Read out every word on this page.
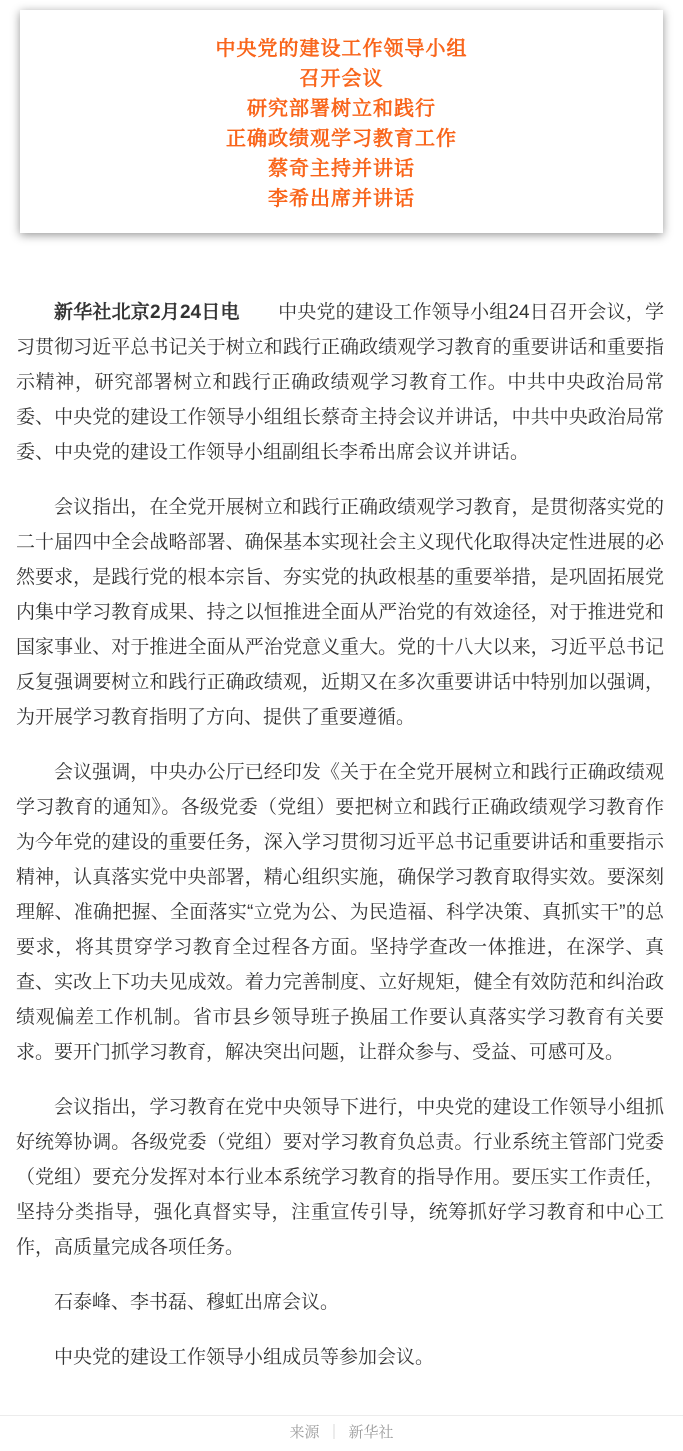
中央党的建设工作领导小组
召开会议
研究部署树立和践行
正确政绩观学习教育工作
蔡奇主持并讲话
李希出席并讲话

新华社北京2月24日电　　中央党的建设工作领导小组24日召开会议，学习贯彻习近平总书记关于树立和践行正确政绩观学习教育的重要讲话和重要指示精神，研究部署树立和践行正确政绩观学习教育工作。中共中央政治局常委、中央党的建设工作领导小组组长蔡奇主持会议并讲话，中共中央政治局常委、中央党的建设工作领导小组副组长李希出席会议并讲话。

会议指出，在全党开展树立和践行正确政绩观学习教育，是贯彻落实党的二十届四中全会战略部署、确保基本实现社会主义现代化取得决定性进展的必然要求，是践行党的根本宗旨、夯实党的执政根基的重要举措，是巩固拓展党内集中学习教育成果、持之以恒推进全面从严治党的有效途径，对于推进党和国家事业、对于推进全面从严治党意义重大。党的十八大以来，习近平总书记反复强调要树立和践行正确政绩观，近期又在多次重要讲话中特别加以强调，为开展学习教育指明了方向、提供了重要遵循。

会议强调，中央办公厅已经印发《关于在全党开展树立和践行正确政绩观学习教育的通知》。各级党委（党组）要把树立和践行正确政绩观学习教育作为今年党的建设的重要任务，深入学习贯彻习近平总书记重要讲话和重要指示精神，认真落实党中央部署，精心组织实施，确保学习教育取得实效。要深刻理解、准确把握、全面落实“立党为公、为民造福、科学决策、真抓实干”的总要求，将其贯穿学习教育全过程各方面。坚持学查改一体推进，在深学、真查、实改上下功夫见成效。着力完善制度、立好规矩，健全有效防范和纠治政绩观偏差工作机制。省市县乡领导班子换届工作要认真落实学习教育有关要求。要开门抓学习教育，解决突出问题，让群众参与、受益、可感可及。

会议指出，学习教育在党中央领导下进行，中央党的建设工作领导小组抓好统筹协调。各级党委（党组）要对学习教育负总责。行业系统主管部门党委（党组）要充分发挥对本行业本系统学习教育的指导作用。要压实工作责任，坚持分类指导，强化真督实导，注重宣传引导，统筹抓好学习教育和中心工作，高质量完成各项任务。

石泰峰、李书磊、穆虹出席会议。

中央党的建设工作领导小组成员等参加会议。

来源 ｜ 新华社
